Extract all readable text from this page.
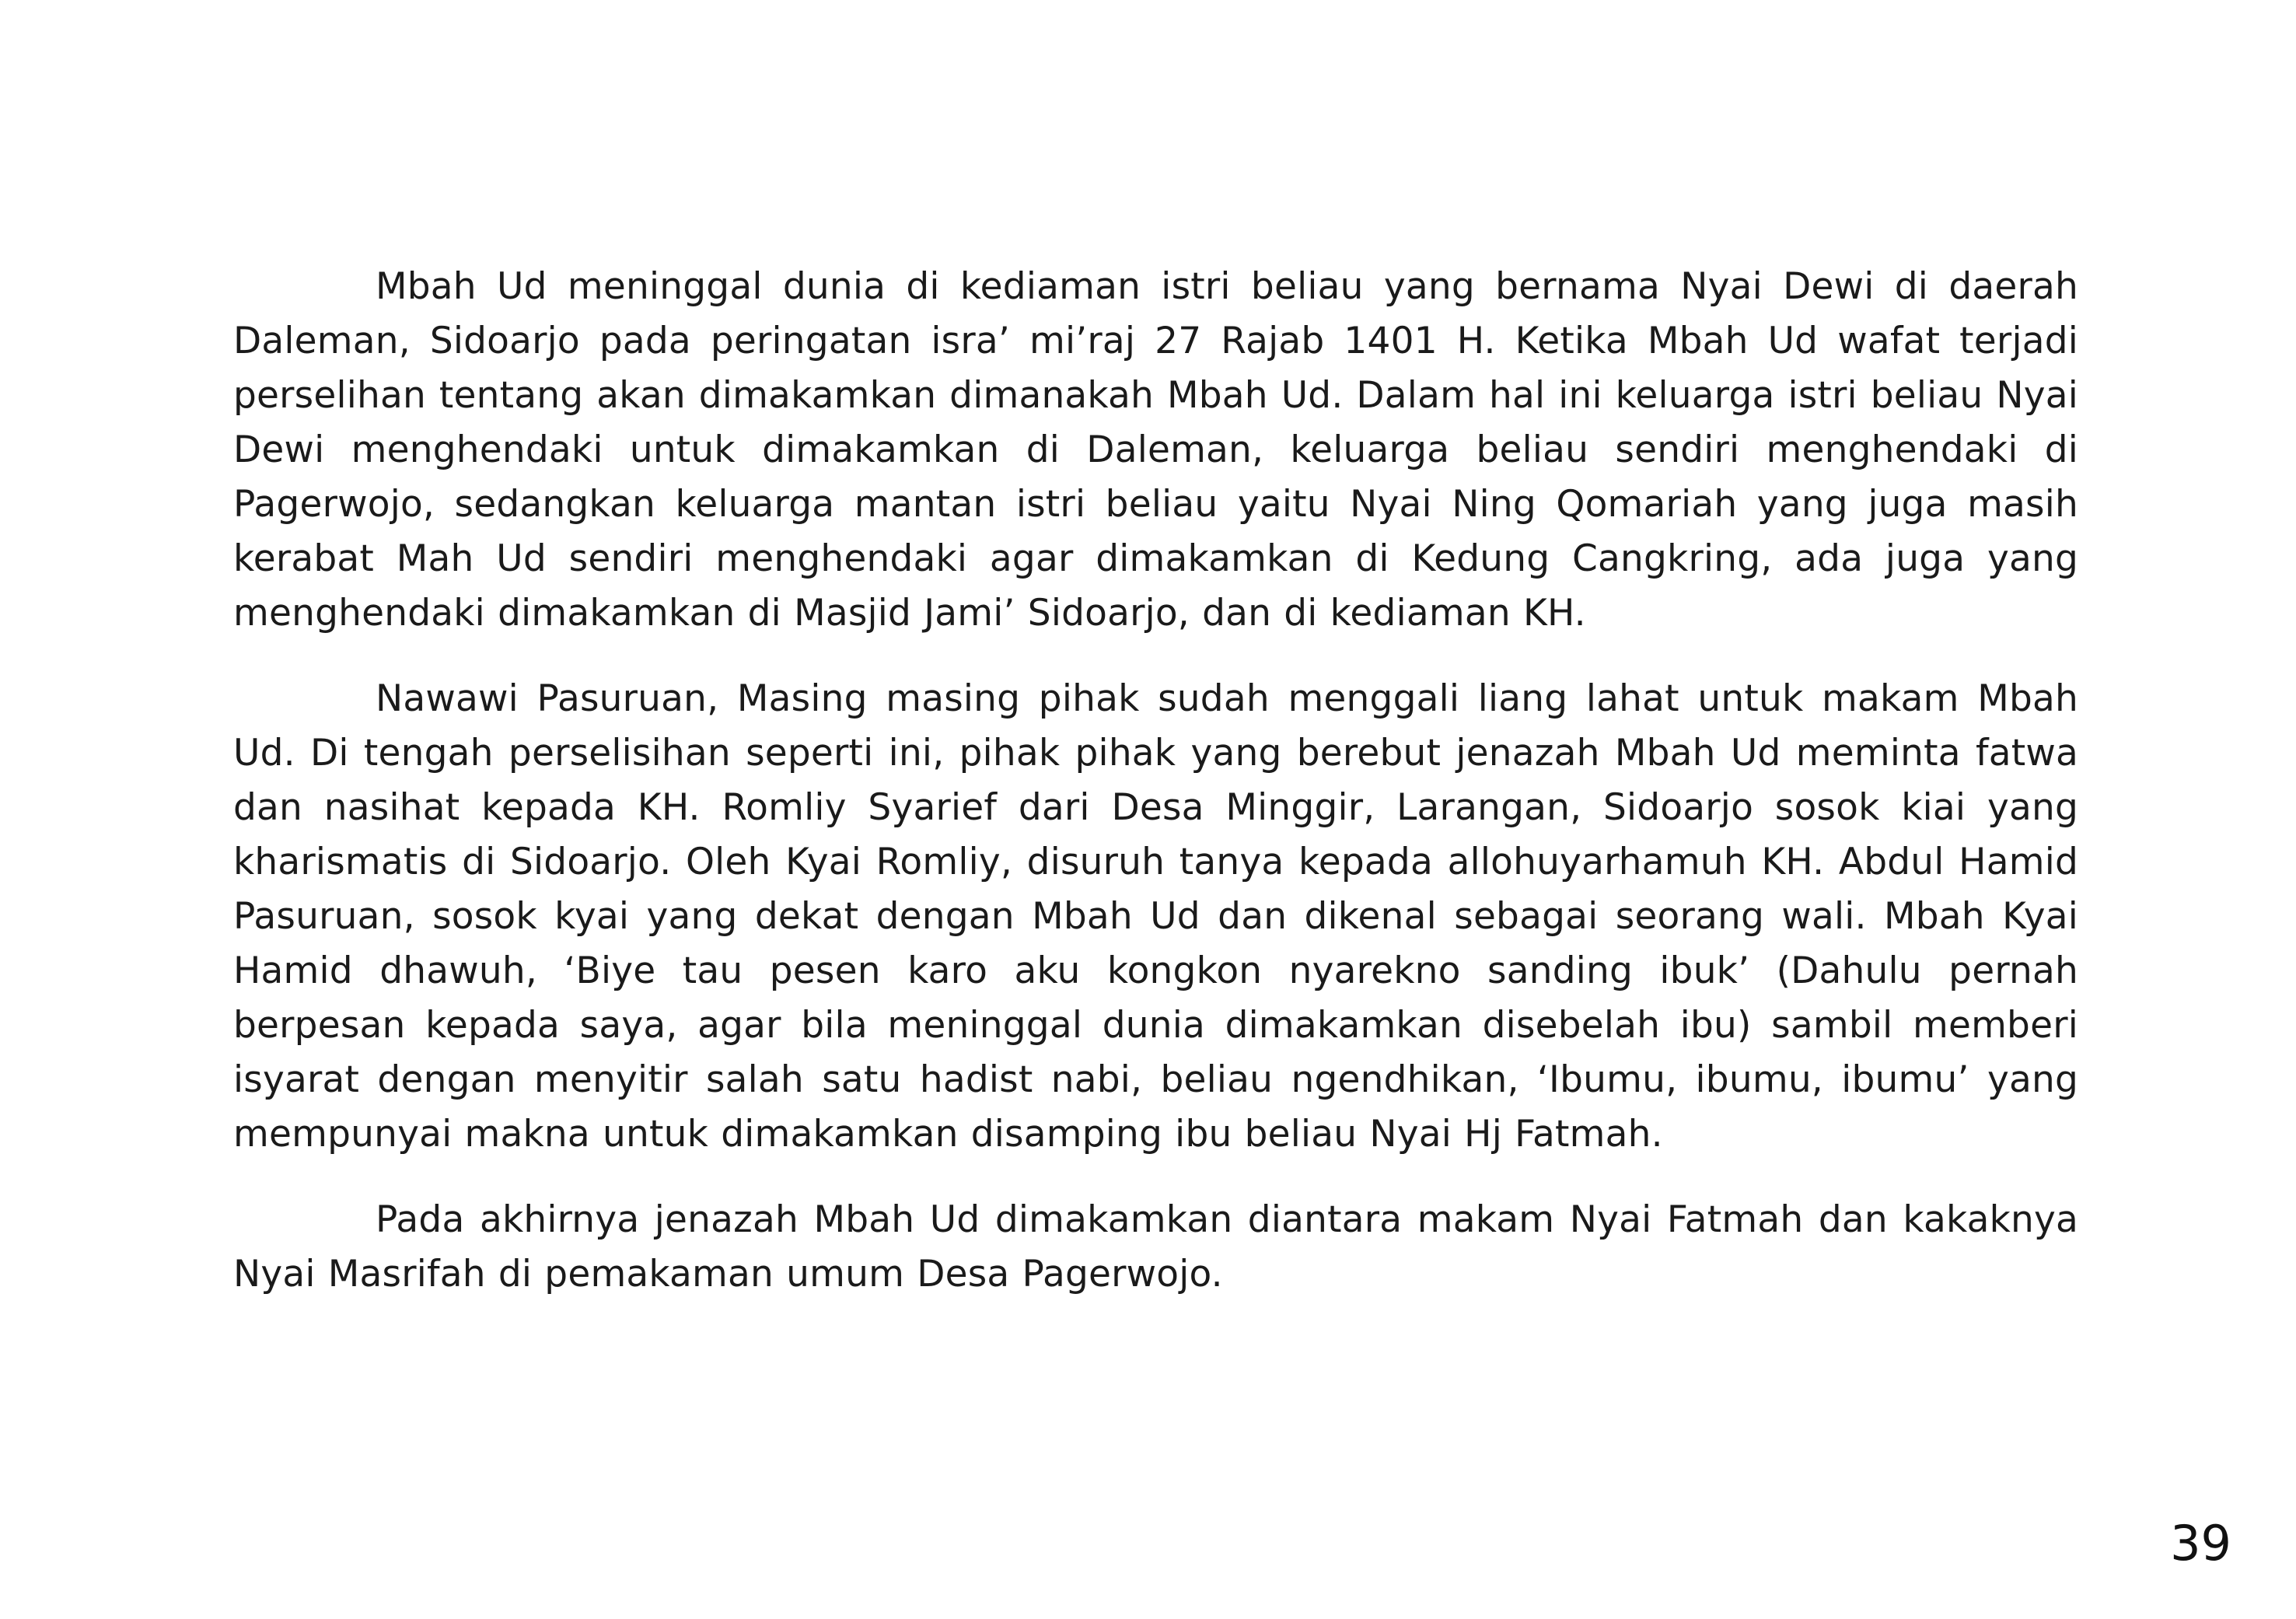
Mbah Ud meninggal dunia di kediaman istri beliau yang bernama Nyai Dewi di daerah Daleman, Sidoarjo pada peringatan isra’ mi’raj 27 Rajab 1401 H. Ketika Mbah Ud wafat terjadi perselihan tentang akan dimakamkan dimanakah Mbah Ud. Dalam hal ini keluarga istri beliau Nyai Dewi menghendaki untuk dimakamkan di Daleman, keluarga beliau sendiri menghendaki di Pagerwojo, sedangkan keluarga mantan istri beliau yaitu Nyai Ning Qomariah yang juga masih kerabat Mah Ud sendiri menghendaki agar dimakamkan di Kedung Cangkring, ada juga yang menghendaki dimakamkan di Masjid Jami’ Sidoarjo, dan di kediaman KH.

Nawawi Pasuruan, Masing masing pihak sudah menggali liang lahat untuk makam Mbah Ud. Di tengah perselisihan seperti ini, pihak pihak yang berebut jenazah Mbah Ud meminta fatwa dan nasihat kepada KH. Romliy Syarief dari Desa Minggir, Larangan, Sidoarjo sosok kiai yang kharismatis di Sidoarjo. Oleh Kyai Romliy, disuruh tanya kepada allohuyarhamuh KH. Abdul Hamid Pasuruan, sosok kyai yang dekat dengan Mbah Ud dan dikenal sebagai seorang wali. Mbah Kyai Hamid dhawuh, ‘Biye tau pesen karo aku kongkon nyarekno sanding ibuk’ (Dahulu pernah berpesan kepada saya, agar bila meninggal dunia dimakamkan disebelah ibu) sambil memberi isyarat dengan menyitir salah satu hadist nabi, beliau ngendhikan, ‘Ibumu, ibumu, ibumu’ yang mempunyai makna untuk dimakamkan disamping ibu beliau Nyai Hj Fatmah.

Pada akhirnya jenazah Mbah Ud dimakamkan diantara makam Nyai Fatmah dan kakaknya Nyai Masrifah di pemakaman umum Desa Pagerwojo.

39
